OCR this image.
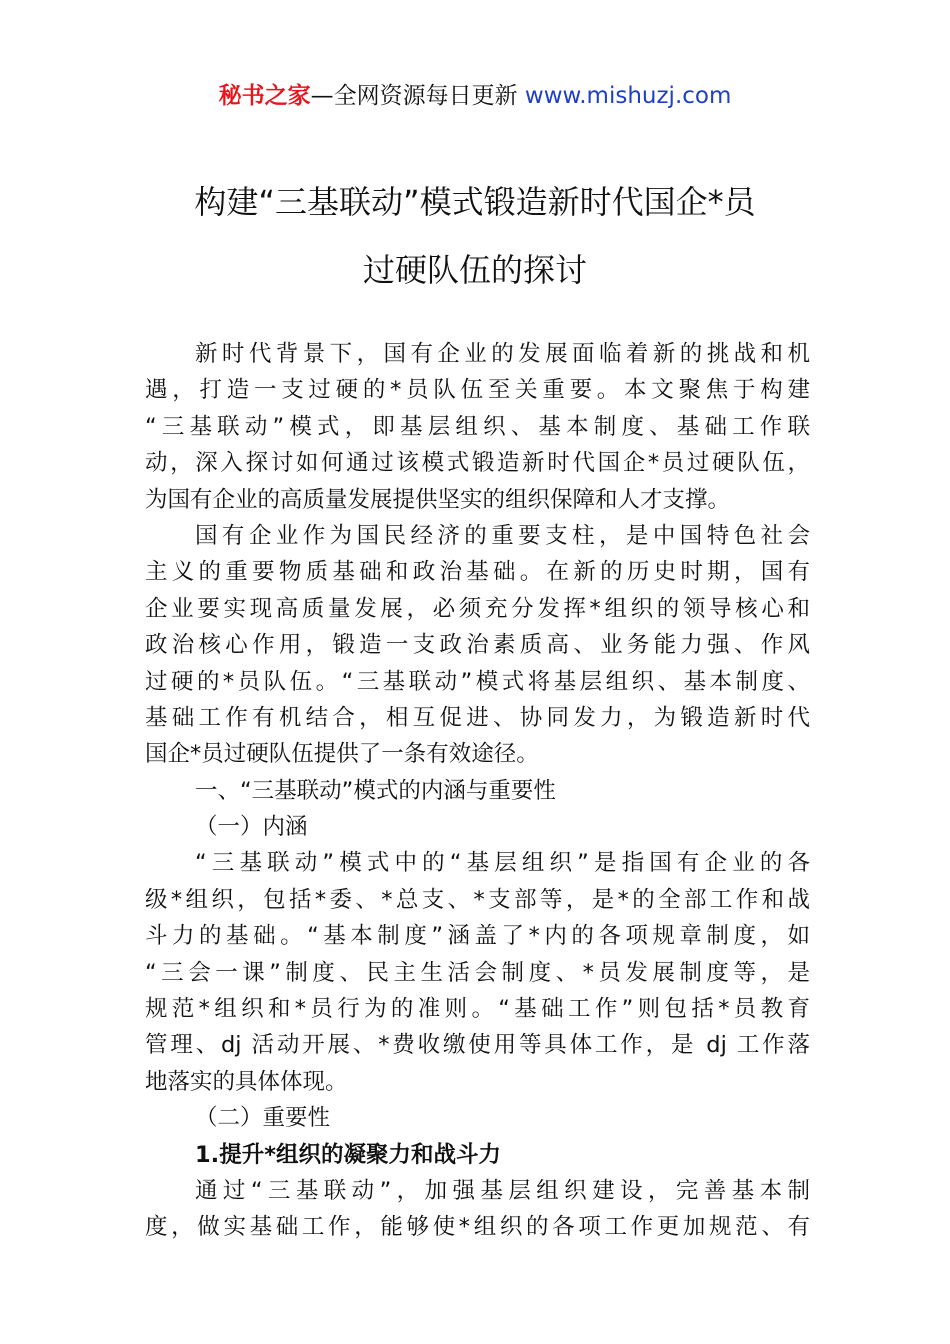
秘书之家—全网资源每日更新 www.mishuzj.com
构建“三基联动”模式锻造新时代国企*员
过硬队伍的探讨
新时代背景下，国有企业的发展面临着新的挑战和机
遇，打造一支过硬的*员队伍至关重要。本文聚焦于构建
“三基联动”模式，即基层组织、基本制度、基础工作联
动，深入探讨如何通过该模式锻造新时代国企*员过硬队伍，
为国有企业的高质量发展提供坚实的组织保障和人才支撑。
国有企业作为国民经济的重要支柱，是中国特色社会
主义的重要物质基础和政治基础。在新的历史时期，国有
企业要实现高质量发展，必须充分发挥*组织的领导核心和
政治核心作用，锻造一支政治素质高、业务能力强、作风
过硬的*员队伍。“三基联动”模式将基层组织、基本制度、
基础工作有机结合，相互促进、协同发力，为锻造新时代
国企*员过硬队伍提供了一条有效途径。
一、“三基联动”模式的内涵与重要性
（一）内涵
“三基联动”模式中的“基层组织”是指国有企业的各
级*组织，包括*委、*总支、*支部等，是*的全部工作和战
斗力的基础。“基本制度”涵盖了*内的各项规章制度，如
“三会一课”制度、民主生活会制度、*员发展制度等，是
规范*组织和*员行为的准则。“基础工作”则包括*员教育
管理、dj 活动开展、*费收缴使用等具体工作，是 dj 工作落
地落实的具体体现。
（二）重要性
1.提升*组织的凝聚力和战斗力
通过“三基联动”，加强基层组织建设，完善基本制
度，做实基础工作，能够使*组织的各项工作更加规范、有
